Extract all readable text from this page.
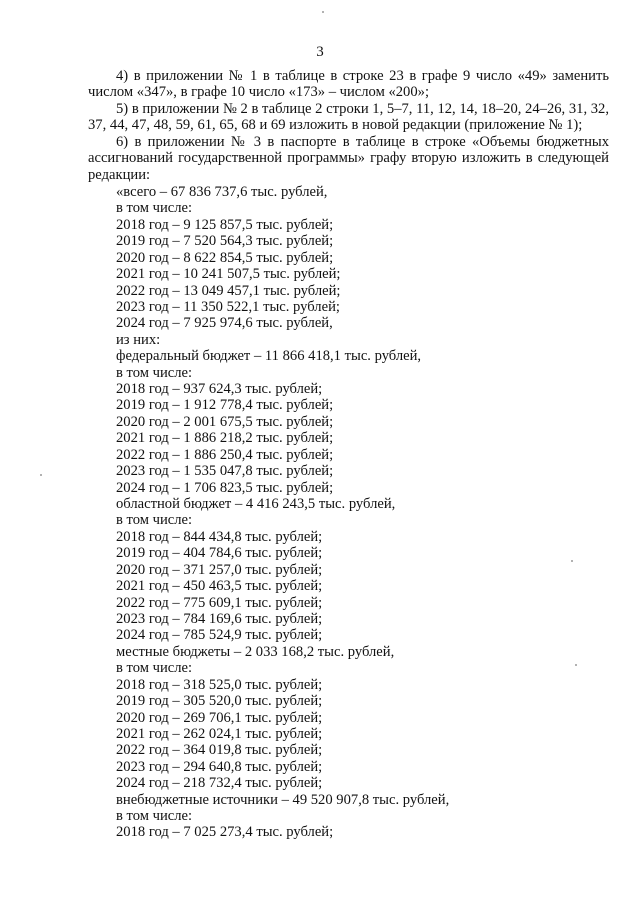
3

4) в приложении № 1 в таблице в строке 23 в графе 9 число «49» заменить числом «347», в графе 10 число «173» – числом «200»;

5) в приложении № 2 в таблице 2 строки 1, 5–7, 11, 12, 14, 18–20, 24–26, 31, 32, 37, 44, 47, 48, 59, 61, 65, 68 и 69 изложить в новой редакции (приложение № 1);

6) в приложении № 3 в паспорте в таблице в строке «Объемы бюджетных ассигнований государственной программы» графу вторую изложить в следующей редакции:

«всего – 67 836 737,6 тыс. рублей,
в том числе:
2018 год – 9 125 857,5 тыс. рублей;
2019 год – 7 520 564,3 тыс. рублей;
2020 год – 8 622 854,5 тыс. рублей;
2021 год – 10 241 507,5 тыс. рублей;
2022 год – 13 049 457,1 тыс. рублей;
2023 год – 11 350 522,1 тыс. рублей;
2024 год – 7 925 974,6 тыс. рублей,
из них:
федеральный бюджет – 11 866 418,1 тыс. рублей,
в том числе:
2018 год – 937 624,3 тыс. рублей;
2019 год – 1 912 778,4 тыс. рублей;
2020 год – 2 001 675,5 тыс. рублей;
2021 год – 1 886 218,2 тыс. рублей;
2022 год – 1 886 250,4 тыс. рублей;
2023 год – 1 535 047,8 тыс. рублей;
2024 год – 1 706 823,5 тыс. рублей;
областной бюджет – 4 416 243,5 тыс. рублей,
в том числе:
2018 год – 844 434,8 тыс. рублей;
2019 год – 404 784,6 тыс. рублей;
2020 год – 371 257,0 тыс. рублей;
2021 год – 450 463,5 тыс. рублей;
2022 год – 775 609,1 тыс. рублей;
2023 год – 784 169,6 тыс. рублей;
2024 год – 785 524,9 тыс. рублей;
местные бюджеты – 2 033 168,2 тыс. рублей,
в том числе:
2018 год – 318 525,0 тыс. рублей;
2019 год – 305 520,0 тыс. рублей;
2020 год – 269 706,1 тыс. рублей;
2021 год – 262 024,1 тыс. рублей;
2022 год – 364 019,8 тыс. рублей;
2023 год – 294 640,8 тыс. рублей;
2024 год – 218 732,4 тыс. рублей;
внебюджетные источники – 49 520 907,8 тыс. рублей,
в том числе:
2018 год – 7 025 273,4 тыс. рублей;
